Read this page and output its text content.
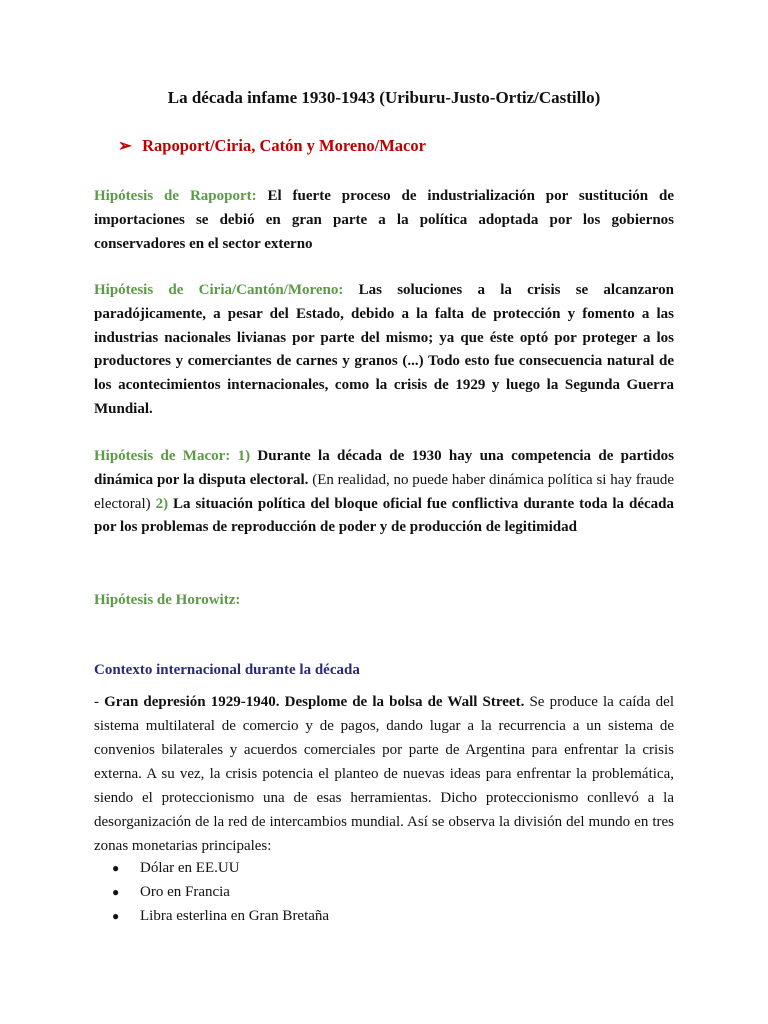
La década infame 1930-1943 (Uriburu-Justo-Ortiz/Castillo)
➢ Rapoport/Ciria, Catón y Moreno/Macor

Hipótesis de Rapoport: El fuerte proceso de industrialización por sustitución de importaciones se debió en gran parte a la política adoptada por los gobiernos conservadores en el sector externo

Hipótesis de Ciria/Cantón/Moreno: Las soluciones a la crisis se alcanzaron paradójicamente, a pesar del Estado, debido a la falta de protección y fomento a las industrias nacionales livianas por parte del mismo; ya que éste optó por proteger a los productores y comerciantes de carnes y granos (...) Todo esto fue consecuencia natural de los acontecimientos internacionales, como la crisis de 1929 y luego la Segunda Guerra Mundial.

Hipótesis de Macor: 1) Durante la década de 1930 hay una competencia de partidos dinámica por la disputa electoral. (En realidad, no puede haber dinámica política si hay fraude electoral) 2) La situación política del bloque oficial fue conflictiva durante toda la década por los problemas de reproducción de poder y de producción de legitimidad

Hipótesis de Horowitz:

Contexto internacional durante la década

- Gran depresión 1929-1940. Desplome de la bolsa de Wall Street. Se produce la caída del sistema multilateral de comercio y de pagos, dando lugar a la recurrencia a un sistema de convenios bilaterales y acuerdos comerciales por parte de Argentina para enfrentar la crisis externa. A su vez, la crisis potencia el planteo de nuevas ideas para enfrentar la problemática, siendo el proteccionismo una de esas herramientas. Dicho proteccionismo conllevó a la desorganización de la red de intercambios mundial. Así se observa la división del mundo en tres zonas monetarias principales:

● Dólar en EE.UU
● Oro en Francia
● Libra esterlina en Gran Bretaña
